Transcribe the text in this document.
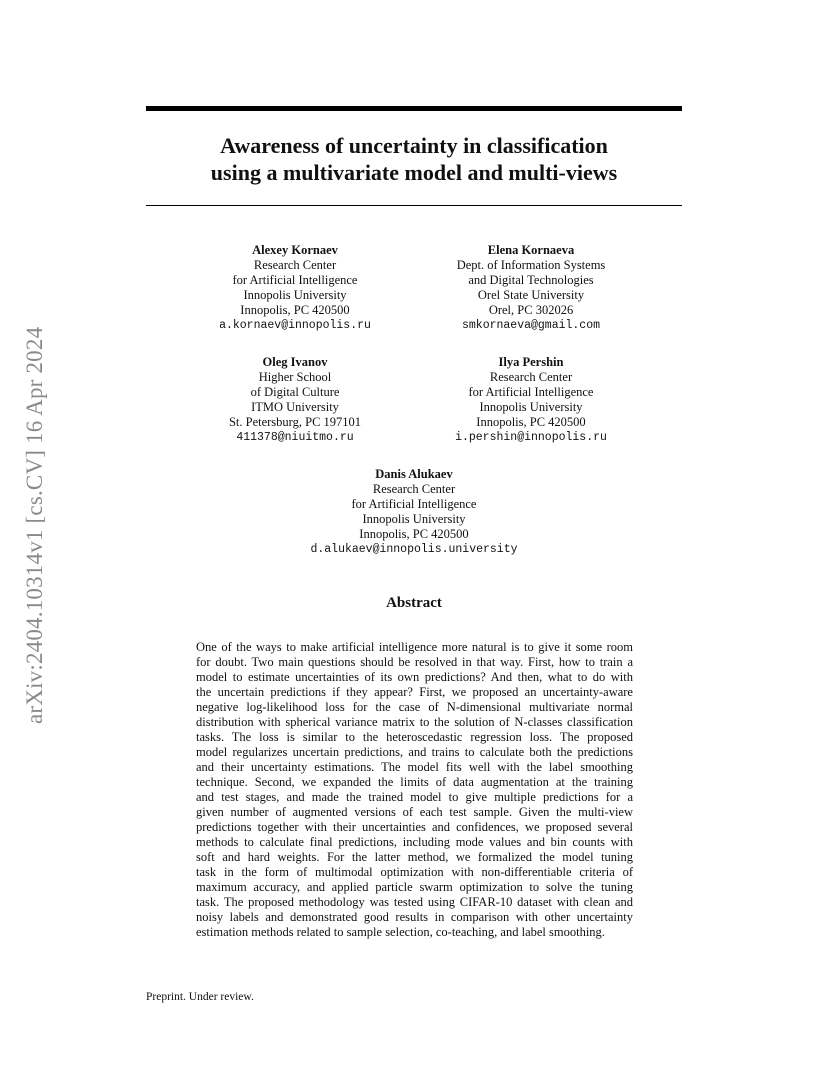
arXiv:2404.10314v1 [cs.CV] 16 Apr 2024
Awareness of uncertainty in classification
using a multivariate model and multi-views
Alexey Kornaev
Research Center
for Artificial Intelligence
Innopolis University
Innopolis, PC 420500
a.kornaev@innopolis.ru
Elena Kornaeva
Dept. of Information Systems
and Digital Technologies
Orel State University
Orel, PC 302026
smkornaeva@gmail.com
Oleg Ivanov
Higher School
of Digital Culture
ITMO University
St. Petersburg, PC 197101
411378@niuitmo.ru
Ilya Pershin
Research Center
for Artificial Intelligence
Innopolis University
Innopolis, PC 420500
i.pershin@innopolis.ru
Danis Alukaev
Research Center
for Artificial Intelligence
Innopolis University
Innopolis, PC 420500
d.alukaev@innopolis.university
Abstract
One of the ways to make artificial intelligence more natural is to give it some room
for doubt. Two main questions should be resolved in that way. First, how to train a
model to estimate uncertainties of its own predictions? And then, what to do with
the uncertain predictions if they appear? First, we proposed an uncertainty-aware
negative log-likelihood loss for the case of N-dimensional multivariate normal
distribution with spherical variance matrix to the solution of N-classes classification
tasks. The loss is similar to the heteroscedastic regression loss. The proposed
model regularizes uncertain predictions, and trains to calculate both the predictions
and their uncertainty estimations. The model fits well with the label smoothing
technique. Second, we expanded the limits of data augmentation at the training
and test stages, and made the trained model to give multiple predictions for a
given number of augmented versions of each test sample. Given the multi-view
predictions together with their uncertainties and confidences, we proposed several
methods to calculate final predictions, including mode values and bin counts with
soft and hard weights. For the latter method, we formalized the model tuning
task in the form of multimodal optimization with non-differentiable criteria of
maximum accuracy, and applied particle swarm optimization to solve the tuning
task. The proposed methodology was tested using CIFAR-10 dataset with clean and
noisy labels and demonstrated good results in comparison with other uncertainty
estimation methods related to sample selection, co-teaching, and label smoothing.
Preprint. Under review.
